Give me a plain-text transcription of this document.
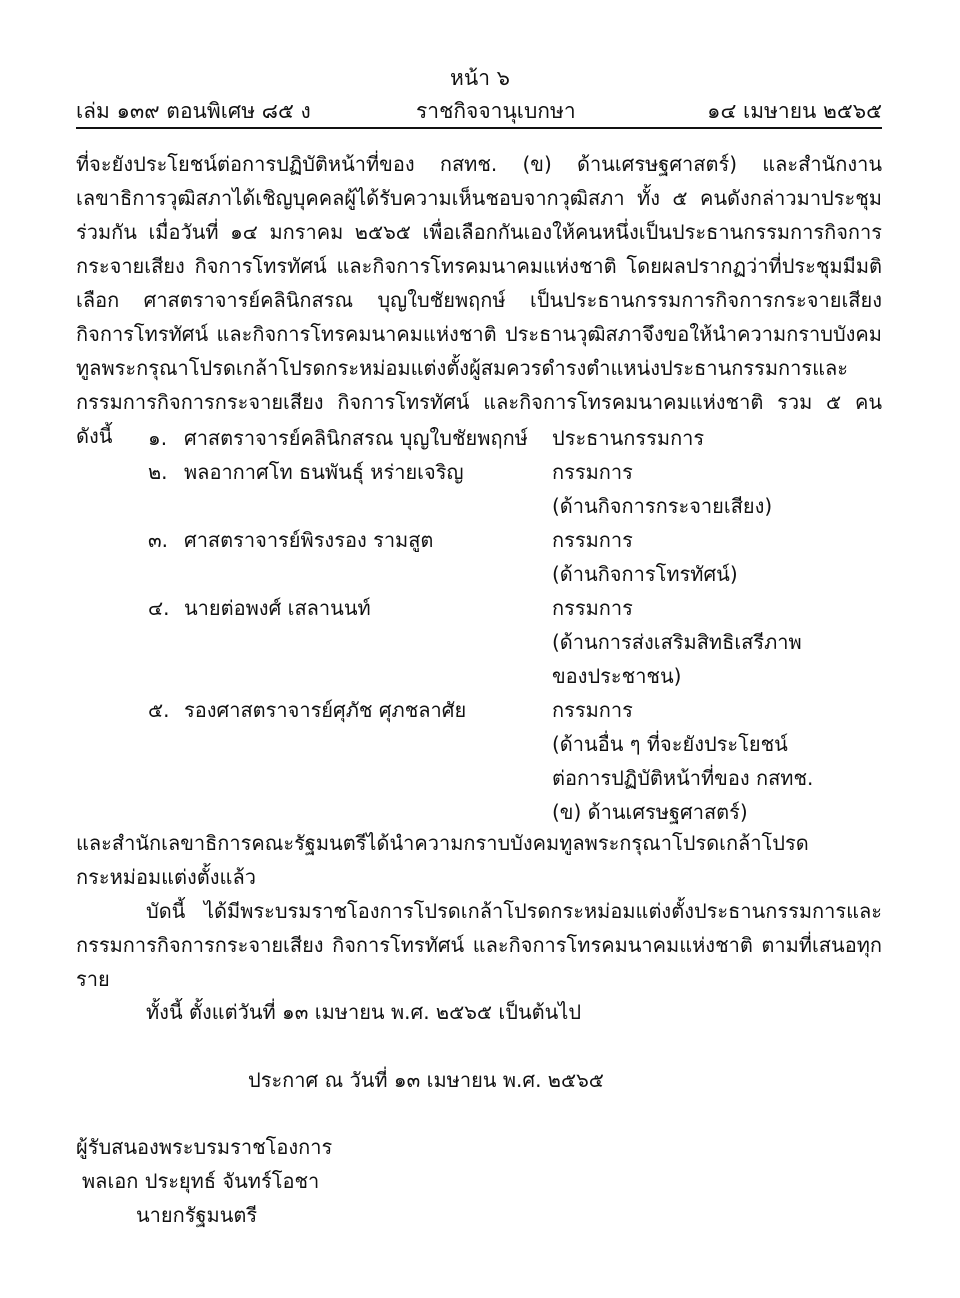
หน้า ๖
เล่ม ๑๓๙ ตอนพิเศษ ๘๕ ง	ราชกิจจานุเบกษา	๑๔ เมษายน ๒๕๖๕
ที่จะยังประโยชน์ต่อการปฏิบัติหน้าที่ของ กสทช. (ข) ด้านเศรษฐศาสตร์) และสำนักงานเลขาธิการวุฒิสภาได้เชิญบุคคลผู้ได้รับความเห็นชอบจากวุฒิสภา ทั้ง ๕ คนดังกล่าวมาประชุมร่วมกัน เมื่อวันที่ ๑๔ มกราคม ๒๕๖๕ เพื่อเลือกกันเองให้คนหนึ่งเป็นประธานกรรมการกิจการกระจายเสียง กิจการโทรทัศน์ และกิจการโทรคมนาคมแห่งชาติ โดยผลปรากฏว่าที่ประชุมมีมติเลือก ศาสตราจารย์คลินิกสรณ บุญใบชัยพฤกษ์ เป็นประธานกรรมการกิจการกระจายเสียง กิจการโทรทัศน์ และกิจการโทรคมนาคมแห่งชาติ ประธานวุฒิสภาจึงขอให้นำความกราบบังคมทูลพระกรุณาโปรดเกล้าโปรดกระหม่อมแต่งตั้งผู้สมควรดำรงตำแหน่งประธานกรรมการและกรรมการกิจการกระจายเสียง กิจการโทรทัศน์ และกิจการโทรคมนาคมแห่งชาติ รวม ๕ คน ดังนี้	๑. ศาสตราจารย์คลินิกสรณ บุญใบชัยพฤกษ์	ประธานกรรมการ
๒. พลอากาศโท ธนพันธุ์ หร่ายเจริญ	กรรมการ
(ด้านกิจการกระจายเสียง)
๓. ศาสตราจารย์พิรงรอง รามสูต	กรรมการ
(ด้านกิจการโทรทัศน์)
๔. นายต่อพงศ์ เสลานนท์	กรรมการ
(ด้านการส่งเสริมสิทธิเสรีภาพ
ของประชาชน)
๕. รองศาสตราจารย์ศุภัช ศุภชลาศัย	กรรมการ
(ด้านอื่น ๆ ที่จะยังประโยชน์
ต่อการปฏิบัติหน้าที่ของ กสทช.
(ข) ด้านเศรษฐศาสตร์)
และสำนักเลขาธิการคณะรัฐมนตรีได้นำความกราบบังคมทูลพระกรุณาโปรดเกล้าโปรดกระหม่อมแต่งตั้งแล้ว
บัดนี้ ได้มีพระบรมราชโองการโปรดเกล้าโปรดกระหม่อมแต่งตั้งประธานกรรมการและกรรมการกิจการกระจายเสียง กิจการโทรทัศน์ และกิจการโทรคมนาคมแห่งชาติ ตามที่เสนอทุกราย
ทั้งนี้ ตั้งแต่วันที่ ๑๓ เมษายน พ.ศ. ๒๕๖๕ เป็นต้นไป
ประกาศ ณ วันที่ ๑๓ เมษายน พ.ศ. ๒๕๖๕
ผู้รับสนองพระบรมราชโองการ
พลเอก ประยุทธ์ จันทร์โอชา
นายกรัฐมนตรี
